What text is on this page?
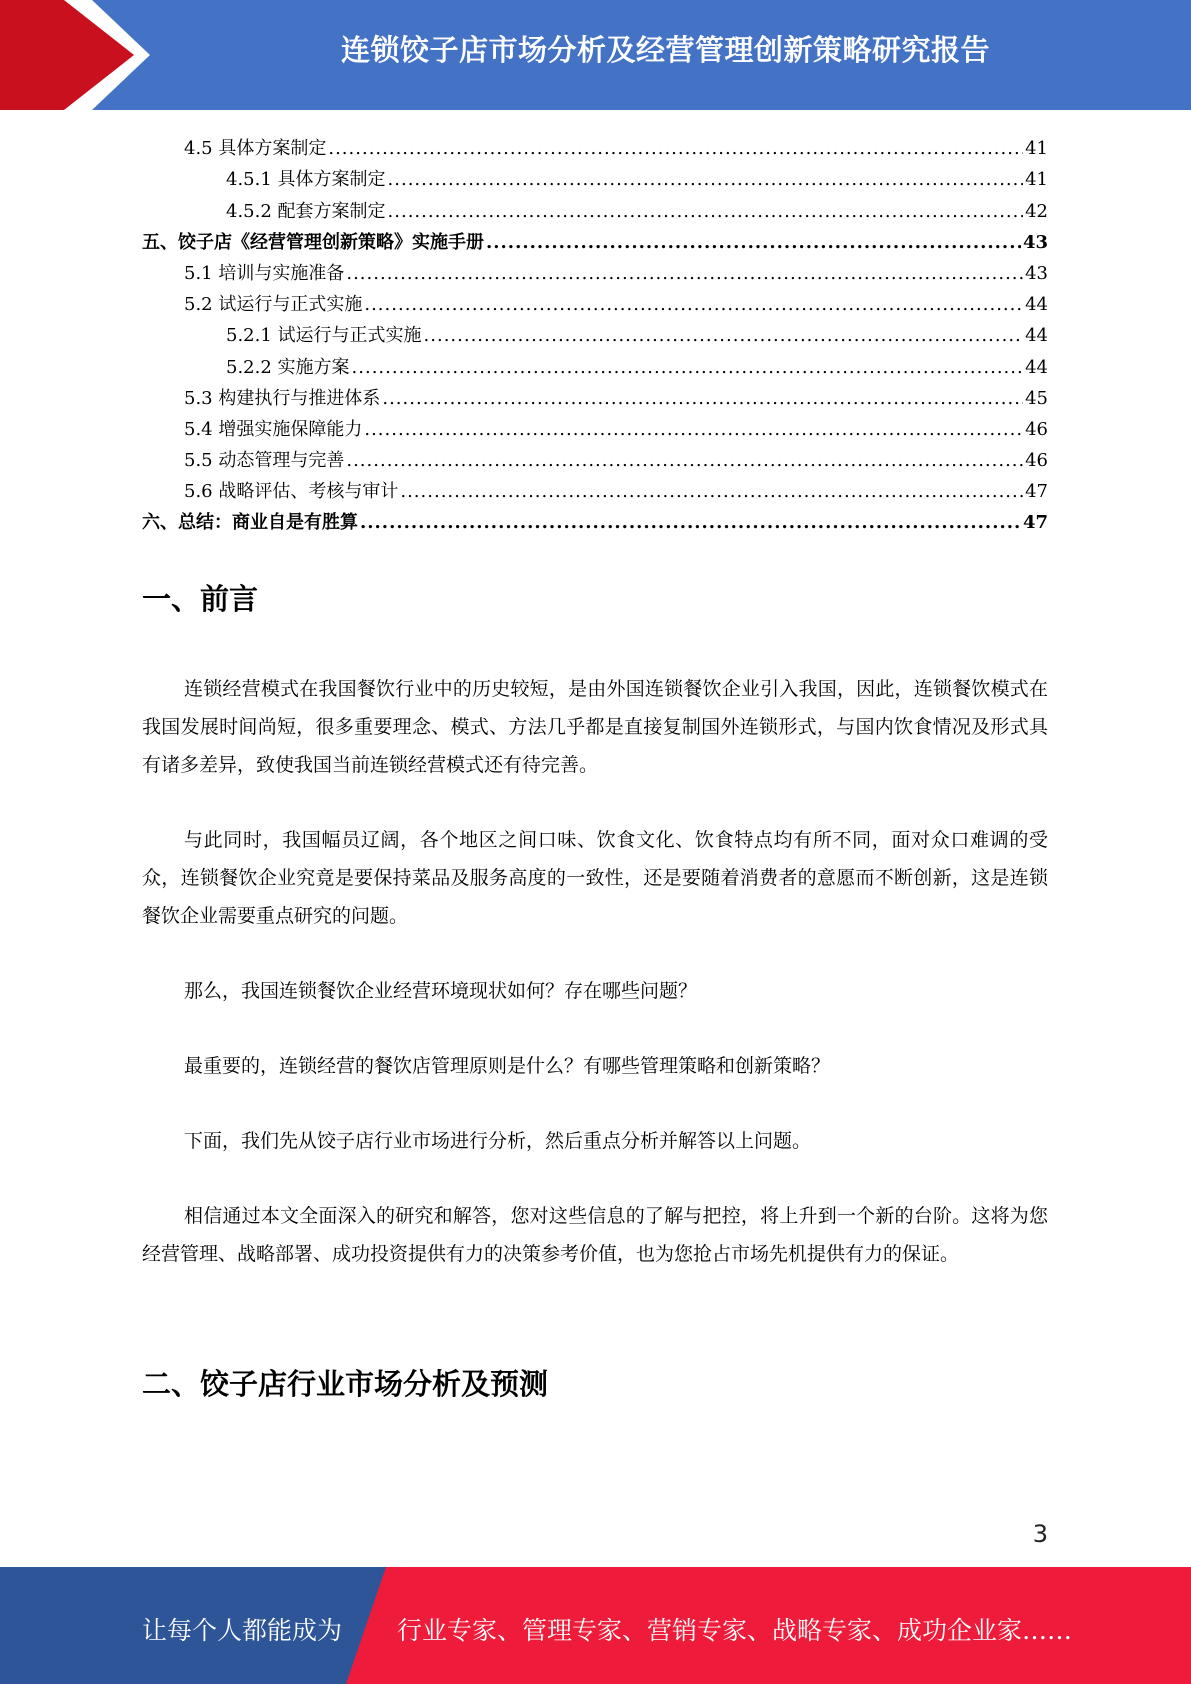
连锁饺子店市场分析及经营管理创新策略研究报告
4.5 具体方案制定 .....	41
4.5.1 具体方案制定 .....	41
4.5.2 配套方案制定 .....	42
五、饺子店《经营管理创新策略》实施手册 .....	43
5.1 培训与实施准备 .....	43
5.2 试运行与正式实施 .....	44
5.2.1 试运行与正式实施 .....	44
5.2.2 实施方案 .....	44
5.3 构建执行与推进体系 .....	45
5.4 增强实施保障能力 .....	46
5.5 动态管理与完善 .....	46
5.6 战略评估、考核与审计 .....	47
六、总结：商业自是有胜算 .....	47
一、前言

连锁经营模式在我国餐饮行业中的历史较短，是由外国连锁餐饮企业引入我国，因此，连锁餐饮模式在我国发展时间尚短，很多重要理念、模式、方法几乎都是直接复制国外连锁形式，与国内饮食情况及形式具有诸多差异，致使我国当前连锁经营模式还有待完善。

与此同时，我国幅员辽阔，各个地区之间口味、饮食文化、饮食特点均有所不同，面对众口难调的受众，连锁餐饮企业究竟是要保持菜品及服务高度的一致性，还是要随着消费者的意愿而不断创新，这是连锁餐饮企业需要重点研究的问题。

那么，我国连锁餐饮企业经营环境现状如何？存在哪些问题？

最重要的，连锁经营的餐饮店管理原则是什么？有哪些管理策略和创新策略？

下面，我们先从饺子店行业市场进行分析，然后重点分析并解答以上问题。

相信通过本文全面深入的研究和解答，您对这些信息的了解与把控，将上升到一个新的台阶。这将为您经营管理、战略部署、成功投资提供有力的决策参考价值，也为您抢占市场先机提供有力的保证。

二、饺子店行业市场分析及预测
3
让每个人都能成为 行业专家、管理专家、营销专家、战略专家、成功企业家……
